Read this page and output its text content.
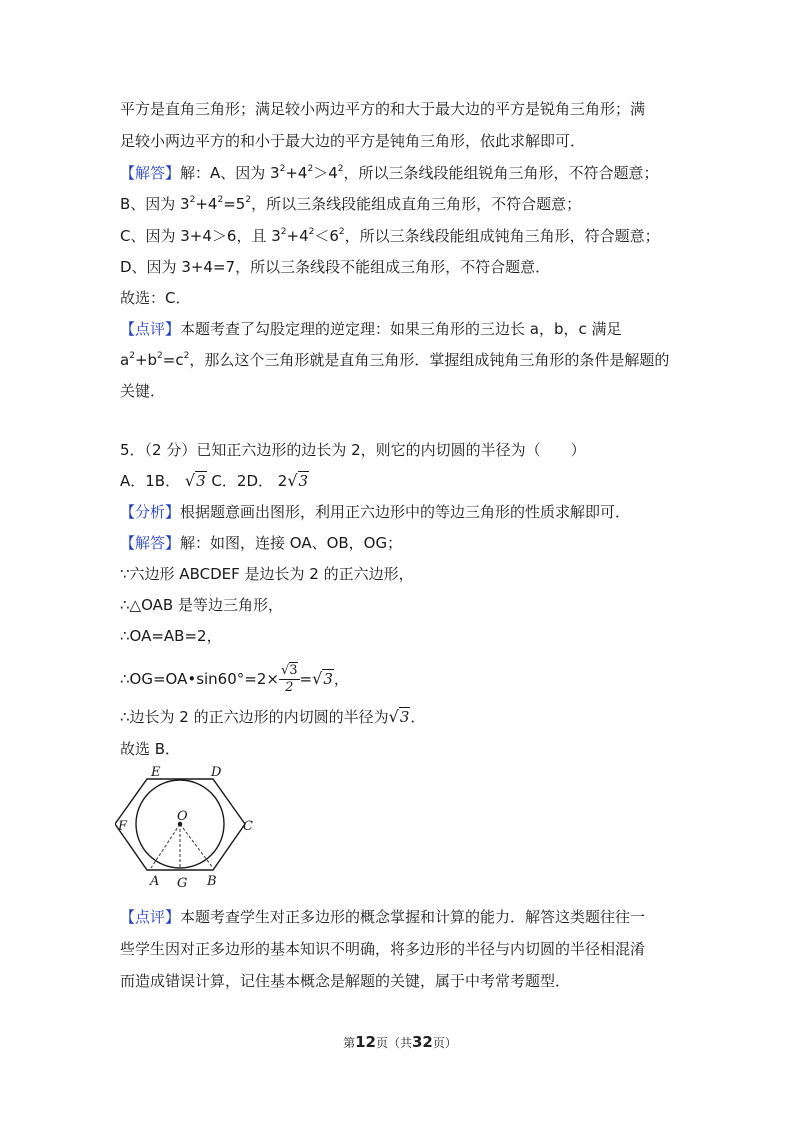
平方是直角三角形；满足较小两边平方的和大于最大边的平方是锐角三角形；满
足较小两边平方的和小于最大边的平方是钝角三角形，依此求解即可．
【解答】解：A、因为 $3^2+4^2>4^2$，所以三条线段能组锐角三角形，不符合题意；
B、因为 $3^2+4^2=5^2$，所以三条线段能组成直角三角形，不符合题意；
C、因为 3+4＞6，且 $3^2+4^2<6^2$，所以三条线段能组成钝角三角形，符合题意；
D、因为 3+4=7，所以三条线段不能组成三角形，不符合题意．
故选：C．
【点评】本题考查了勾股定理的逆定理：如果三角形的三边长 a，b，c 满足
$a^2+b^2=c^2$，那么这个三角形就是直角三角形．掌握组成钝角三角形的条件是解题的
关键．
5．（2 分）已知正六边形的边长为 2，则它的内切圆的半径为（　　）
A．1B． √3 C．2D． 2√3
【分析】根据题意画出图形，利用正六边形中的等边三角形的性质求解即可．
【解答】解：如图，连接 OA、OB，OG；
∵六边形 ABCDEF 是边长为 2 的正六边形，
∴△OAB 是等边三角形，
∴OA=AB=2，
∴OG=OA•sin60°=2× $\frac{√3}{2} =√3$，
∴边长为 2 的正六边形的内切圆的半径为√3．
故选 B．
E	D
F	C
O
A G B
【点评】本题考查学生对正多边形的概念掌握和计算的能力．解答这类题往往一
些学生因对正多边形的基本知识不明确，将多边形的半径与内切圆的半径相混淆
而造成错误计算，记住基本概念是解题的关键，属于中考常考题型．
第12页（共32页）
